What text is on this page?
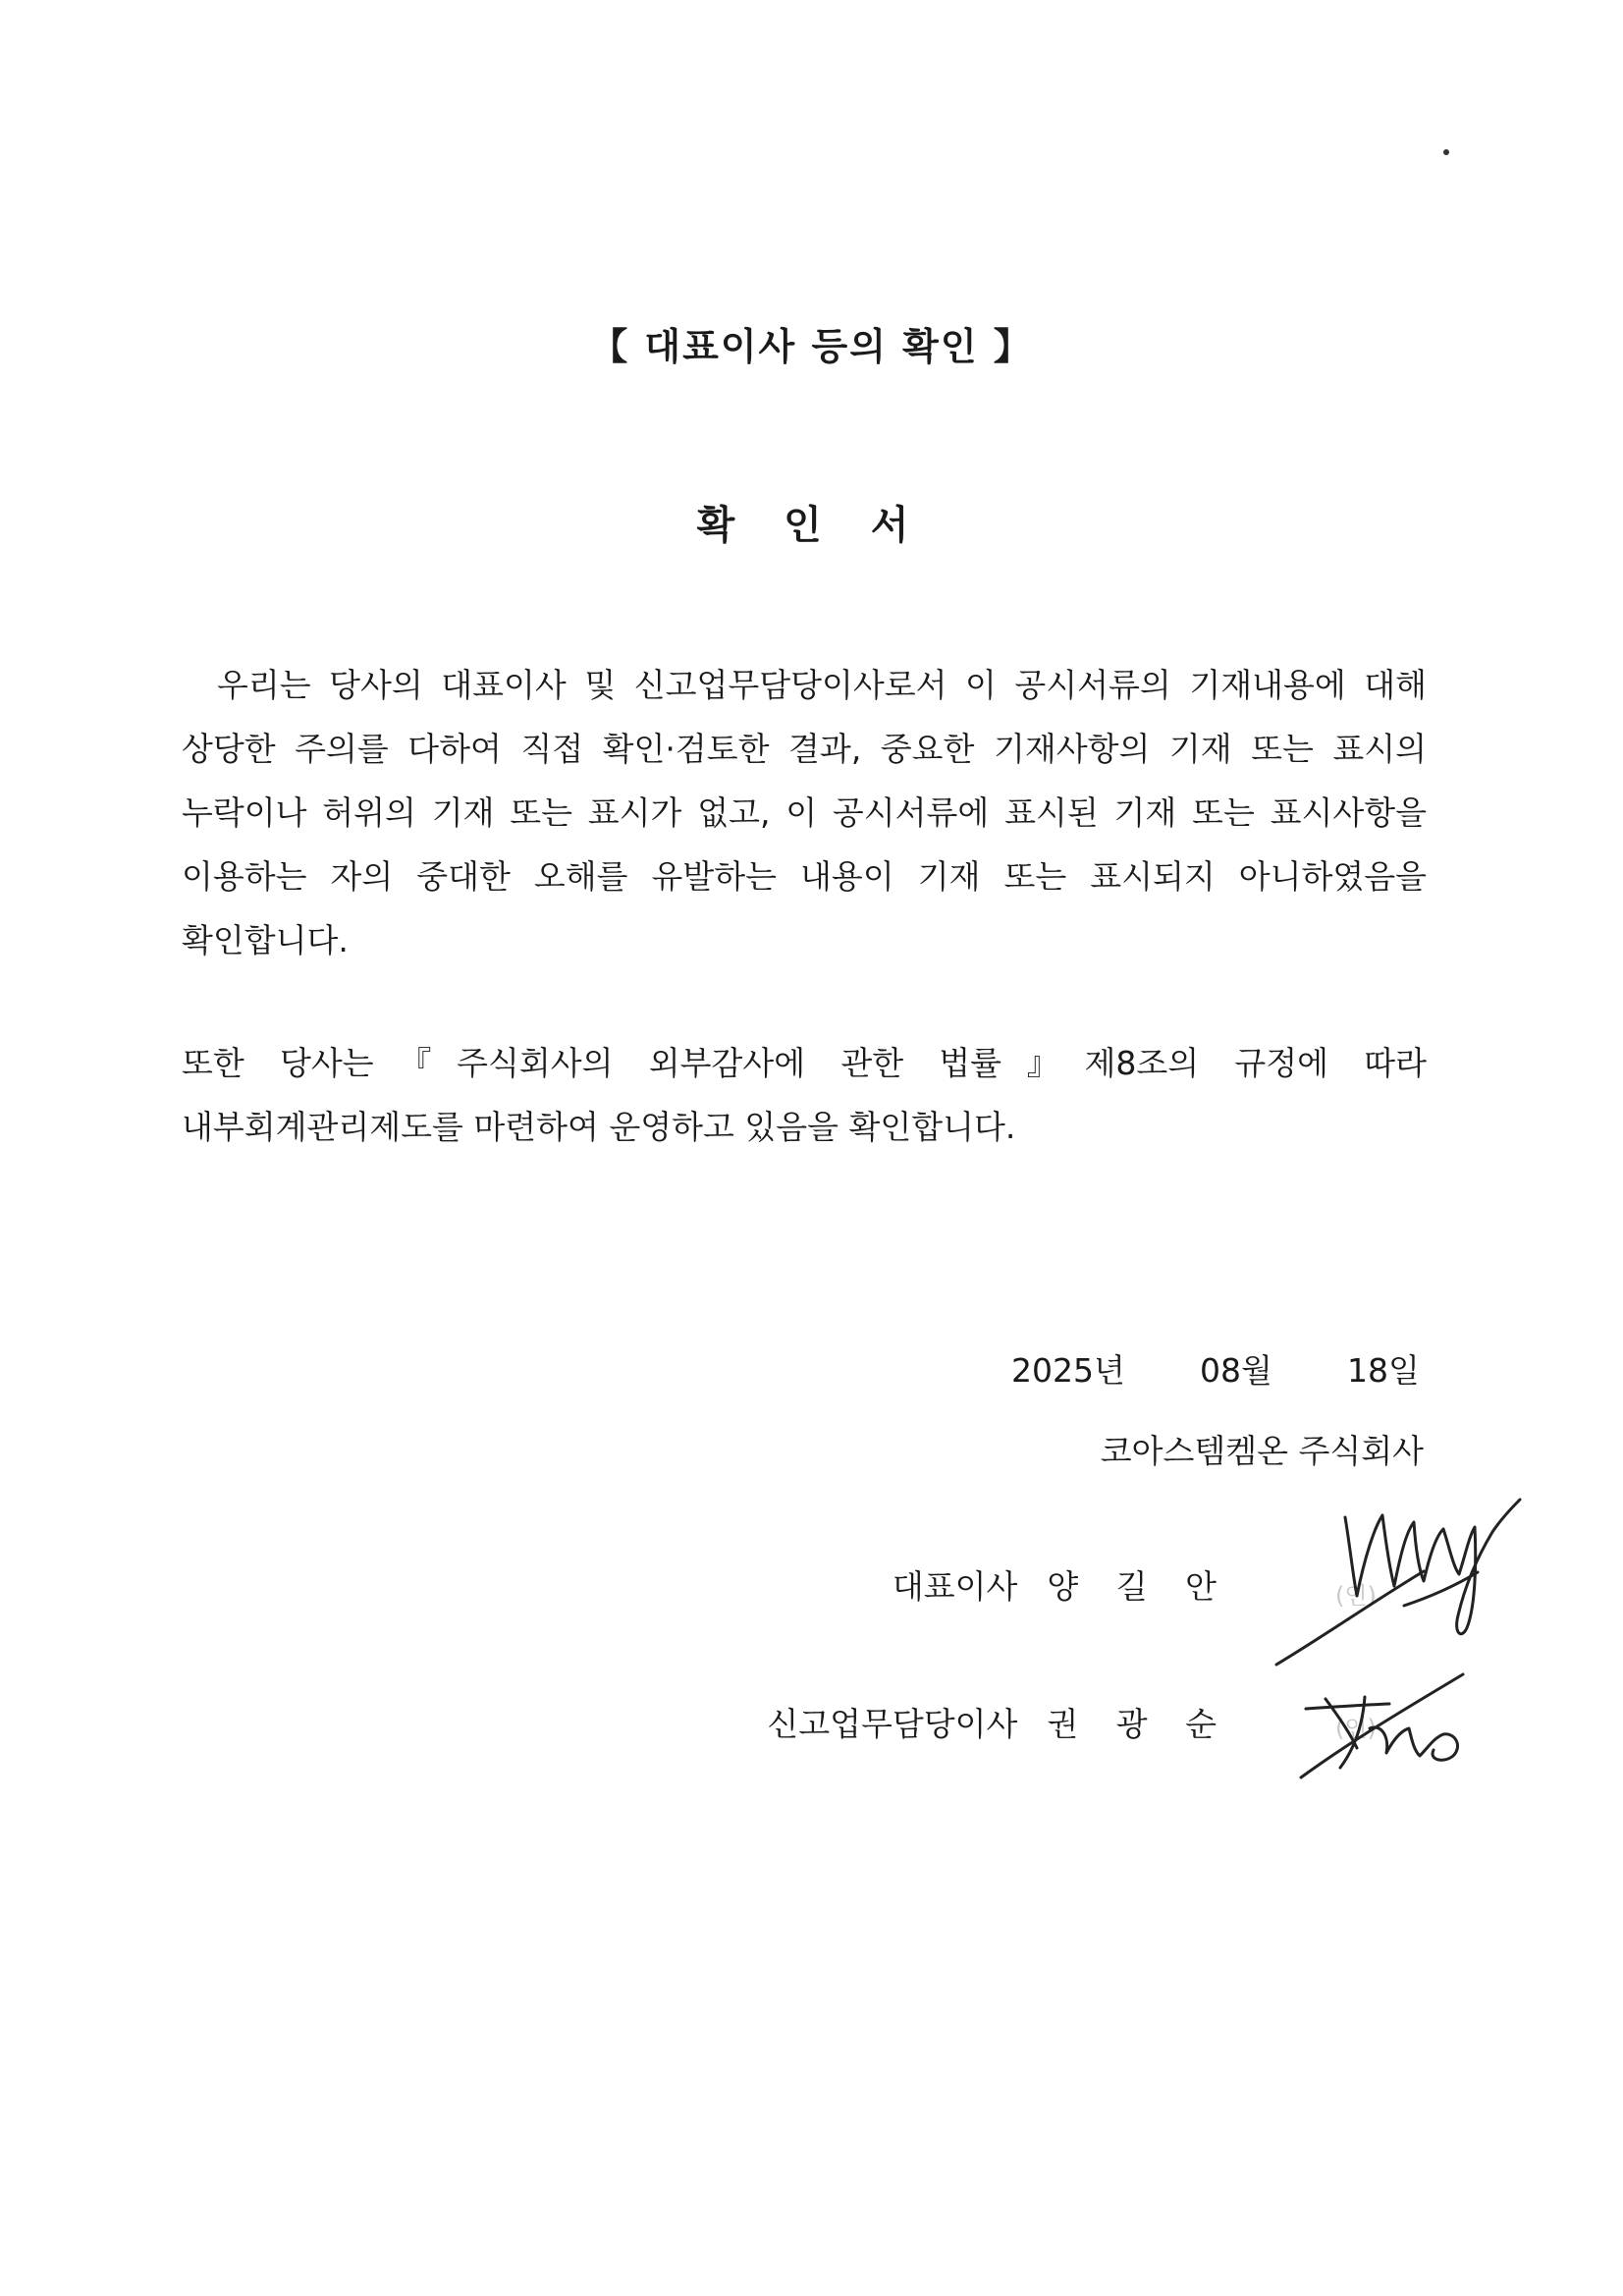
【 대표이사 등의 확인 】
확 인 서
우리는 당사의 대표이사 및 신고업무담당이사로서 이 공시서류의 기재내용에 대해 상당한 주의를 다하여 직접 확인·검토한 결과, 중요한 기재사항의 기재 또는 표시의 누락이나 허위의 기재 또는 표시가 없고, 이 공시서류에 표시된 기재 또는 표시사항을 이용하는 자의 중대한 오해를 유발하는 내용이 기재 또는 표시되지 아니하였음을 확인합니다.
또한 당사는『주식회사의 외부감사에 관한 법률』제8조의 규정에 따라 내부회계관리제도를 마련하여 운영하고 있음을 확인합니다.
2025년 08월 18일
코아스템켐온 주식회사
대표이사 양 길 안	(인)
신고업무담당이사 권 광 순	(인)
